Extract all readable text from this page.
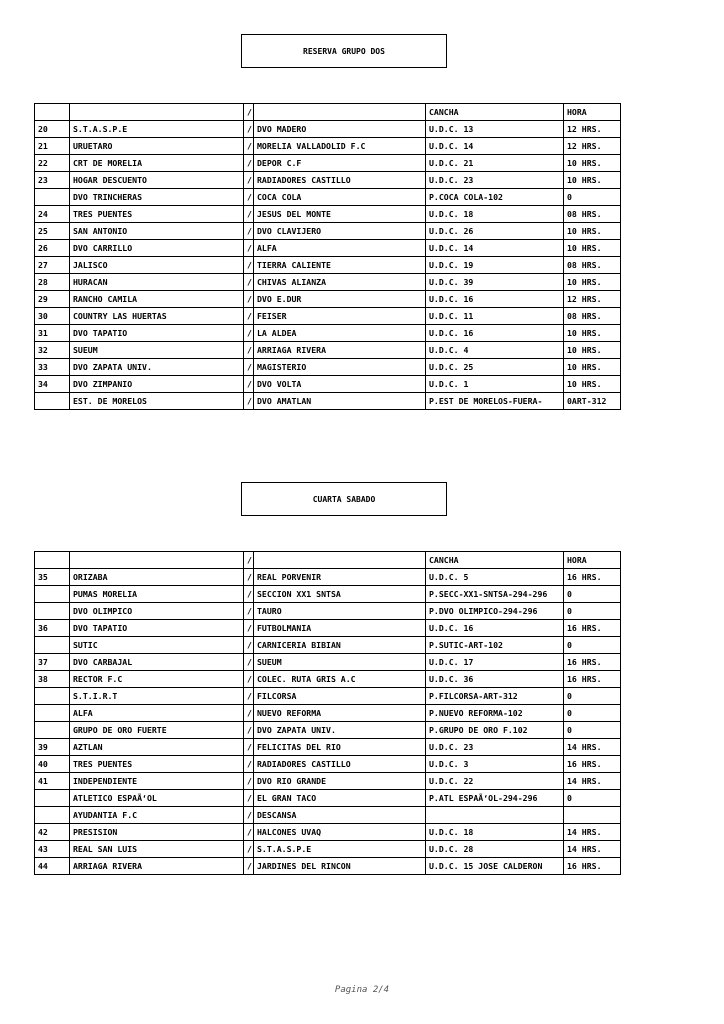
RESERVA GRUPO DOS
		/		CANCHA	HORA
20	S.T.A.S.P.E	/	DVO MADERO	U.D.C. 13	12 HRS.
21	URUETARO	/	MORELIA VALLADOLID F.C	U.D.C. 14	12 HRS.
22	CRT DE MORELIA	/	DEPOR C.F	U.D.C. 21	10 HRS.
23	HOGAR DESCUENTO	/	RADIADORES CASTILLO	U.D.C. 23	10 HRS.
	DVO TRINCHERAS	/	COCA COLA	P.COCA COLA-102	0
24	TRES PUENTES	/	JESUS DEL MONTE	U.D.C. 18	08 HRS.
25	SAN ANTONIO	/	DVO CLAVIJERO	U.D.C. 26	10 HRS.
26	DVO CARRILLO	/	ALFA	U.D.C. 14	10 HRS.
27	JALISCO	/	TIERRA CALIENTE	U.D.C. 19	08 HRS.
28	HURACAN	/	CHIVAS ALIANZA	U.D.C. 39	10 HRS.
29	RANCHO CAMILA	/	DVO E.DUR	U.D.C. 16	12 HRS.
30	COUNTRY LAS HUERTAS	/	FEISER	U.D.C. 11	08 HRS.
31	DVO TAPATIO	/	LA ALDEA	U.D.C. 16	10 HRS.
32	SUEUM	/	ARRIAGA RIVERA	U.D.C. 4	10 HRS.
33	DVO ZAPATA UNIV.	/	MAGISTERIO	U.D.C. 25	10 HRS.
34	DVO ZIMPANIO	/	DVO VOLTA	U.D.C. 1	10 HRS.
	EST. DE MORELOS	/	DVO AMATLAN	P.EST DE MORELOS-FUERA-	0ART-312
CUARTA SABADO
		/		CANCHA	HORA
35	ORIZABA	/	REAL PORVENIR	U.D.C. 5	16 HRS.
	PUMAS MORELIA	/	SECCION XX1 SNTSA	P.SECC-XX1-SNTSA-294-296	0
	DVO OLIMPICO	/	TAURO	P.DVO OLIMPICO-294-296	0
36	DVO TAPATIO	/	FUTBOLMANIA	U.D.C. 16	16 HRS.
	SUTIC	/	CARNICERIA BIBIAN	P.SUTIC-ART-102	0
37	DVO CARBAJAL	/	SUEUM	U.D.C. 17	16 HRS.
38	RECTOR F.C	/	COLEC. RUTA GRIS A.C	U.D.C. 36	16 HRS.
	S.T.I.R.T	/	FILCORSA	P.FILCORSA-ART-312	0
	ALFA	/	NUEVO REFORMA	P.NUEVO REFORMA-102	0
	GRUPO DE ORO FUERTE	/	DVO ZAPATA UNIV.	P.GRUPO DE ORO F.102	0
39	AZTLAN	/	FELICITAS DEL RIO	U.D.C. 23	14 HRS.
40	TRES PUENTES	/	RADIADORES CASTILLO	U.D.C. 3	16 HRS.
41	INDEPENDIENTE	/	DVO RIO GRANDE	U.D.C. 22	14 HRS.
	ATLETICO ESPAÃ‘OL	/	EL GRAN TACO	P.ATL ESPAÃ‘OL-294-296	0
	AYUDANTIA F.C	/	DESCANSA		
42	PRESISION	/	HALCONES UVAQ	U.D.C. 18	14 HRS.
43	REAL SAN LUIS	/	S.T.A.S.P.E	U.D.C. 28	14 HRS.
44	ARRIAGA RIVERA	/	JARDINES DEL RINCON	U.D.C. 15 JOSE CALDERON	16 HRS.
Pagina 2/4
